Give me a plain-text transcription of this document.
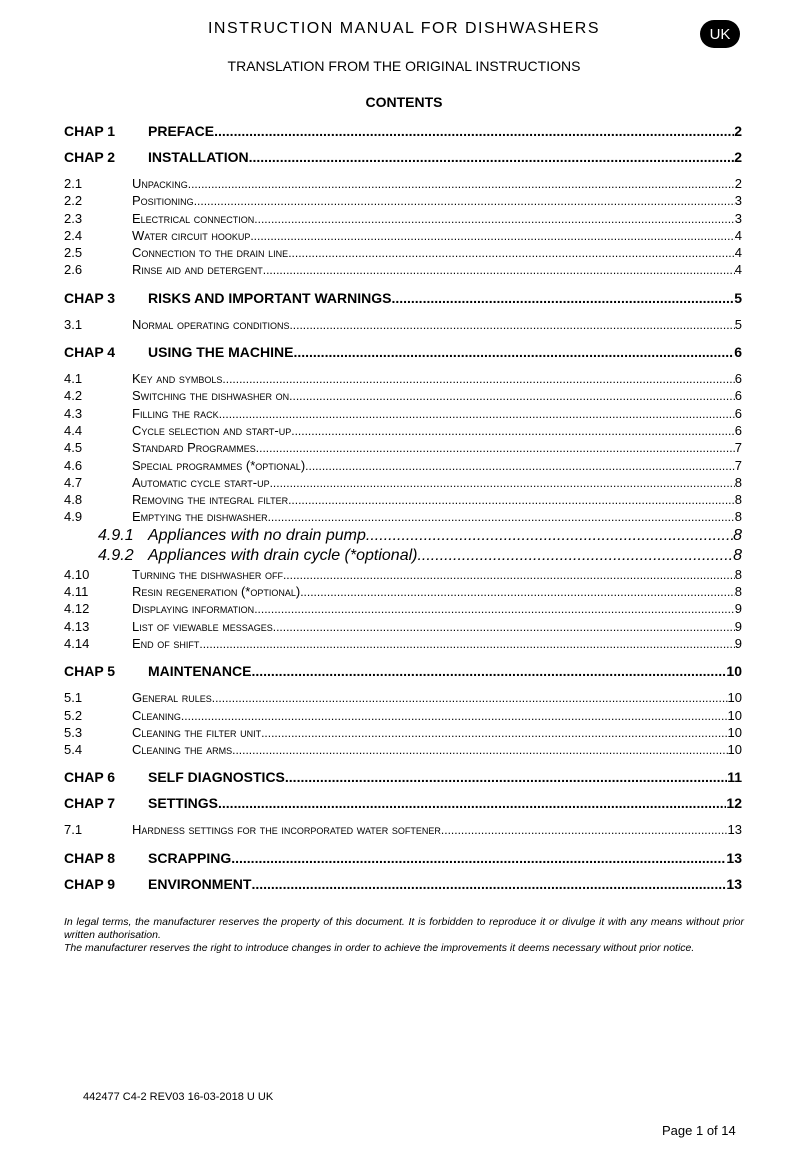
INSTRUCTION MANUAL FOR DISHWASHERS	UK
TRANSLATION FROM THE ORIGINAL INSTRUCTIONS
CONTENTS
CHAP 1	PREFACE .....	2
CHAP 2	INSTALLATION .....	2
2.1	Unpacking .....	2
2.2	Positioning .....	3
2.3	Electrical connection .....	3
2.4	Water circuit hookup .....	4
2.5	Connection to the drain line .....	4
2.6	Rinse aid and detergent .....	4
CHAP 3	RISKS AND IMPORTANT WARNINGS .....	5
3.1	Normal operating conditions .....	5
CHAP 4	USING THE MACHINE .....	6
4.1	Key and symbols .....	6
4.2	Switching the dishwasher on .....	6
4.3	Filling the rack .....	6
4.4	Cycle selection and start-up .....	6
4.5	Standard Programmes .....	7
4.6	Special programmes (*optional) .....	7
4.7	Automatic cycle start-up .....	8
4.8	Removing the integral filter .....	8
4.9	Emptying the dishwasher .....	8
4.9.1 Appliances with no drain pump .....	8
4.9.2 Appliances with drain cycle (*optional) .....	8
4.10	Turning the dishwasher off .....	8
4.11	Resin regeneration (*optional) .....	8
4.12	Displaying information .....	9
4.13	List of viewable messages .....	9
4.14	End of shift .....	9
CHAP 5	MAINTENANCE .....	10
5.1	General rules .....	10
5.2	Cleaning .....	10
5.3	Cleaning the filter unit .....	10
5.4	Cleaning the arms .....	10
CHAP 6	SELF DIAGNOSTICS .....	11
CHAP 7	SETTINGS .....	12
7.1	Hardness settings for the incorporated water softener .....	13
CHAP 8	SCRAPPING .....	13
CHAP 9	ENVIRONMENT .....	13

In legal terms, the manufacturer reserves the property of this document. It is forbidden to reproduce it or divulge it with any means without prior written authorisation.

The manufacturer reserves the right to introduce changes in order to achieve the improvements it deems necessary without prior notice.

442477 C4-2 REV03 16-03-2018 U UK
Page 1 of 14
